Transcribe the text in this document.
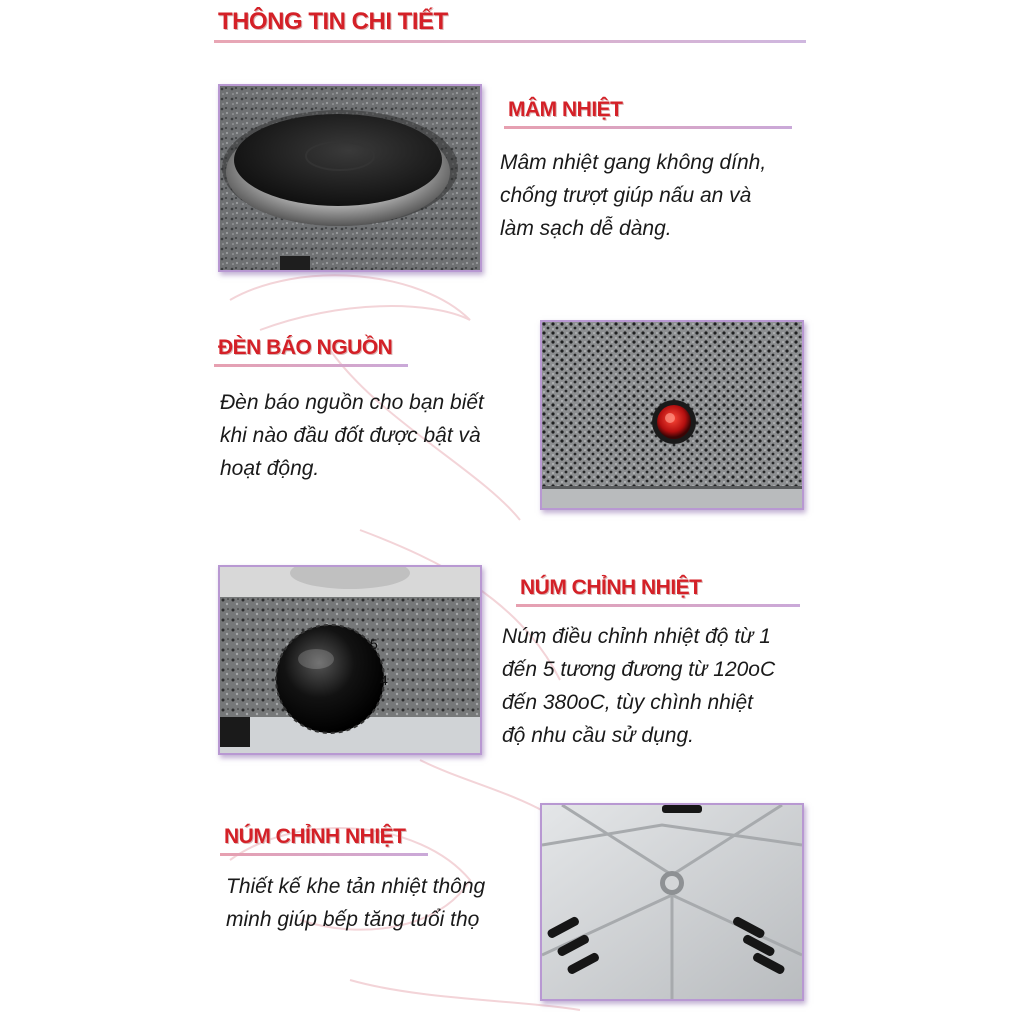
THÔNG TIN CHI TIẾT
MÂM NHIỆT

Mâm nhiệt gang không dính,
chống trượt giúp nấu an và
làm sạch dễ dàng.

ĐÈN BÁO NGUỒN

Đèn báo nguồn cho bạn biết
khi nào đầu đốt được bật và
hoạt động.

5
4
NÚM CHỈNH NHIỆT

Núm điều chỉnh nhiệt độ từ 1
đến 5 tương đương từ 120oC
đến 380oC, tùy chình nhiệt
độ nhu cầu sử dụng.

NÚM CHỈNH NHIỆT

Thiết kế khe tản nhiệt thông
minh giúp bếp tăng tuổi thọ
